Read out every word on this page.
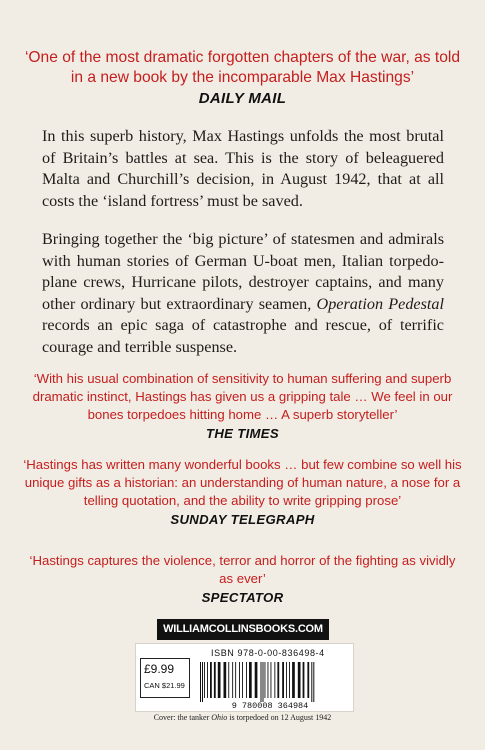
‘One of the most dramatic forgotten chapters of the war, as told in a new book by the incomparable Max Hastings’
DAILY MAIL
In this superb history, Max Hastings unfolds the most brutal of Britain’s battles at sea. This is the story of beleaguered Malta and Churchill’s decision, in August 1942, that at all costs the ‘island fortress’ must be saved.
Bringing together the ‘big picture’ of statesmen and admirals with human stories of German U-boat men, Italian torpedo-plane crews, Hurricane pilots, destroyer captains, and many other ordinary but extraordinary seamen, Operation Pedestal records an epic saga of catastrophe and rescue, of terrific courage and terrible suspense.
‘With his usual combination of sensitivity to human suffering and superb dramatic instinct, Hastings has given us a gripping tale … We feel in our bones torpedoes hitting home … A superb storyteller’
THE TIMES
‘Hastings has written many wonderful books … but few combine so well his unique gifts as a historian: an understanding of human nature, a nose for a telling quotation, and the ability to write gripping prose’
SUNDAY TELEGRAPH
‘Hastings captures the violence, terror and horror of the fighting as vividly as ever’
SPECTATOR
WILLIAMCOLLINSBOOKS.COM
ISBN 978-0-00-836498-4
£9.99
CAN $21.99
9 780008 364984
Cover: the tanker Ohio is torpedoed on 12 August 1942
